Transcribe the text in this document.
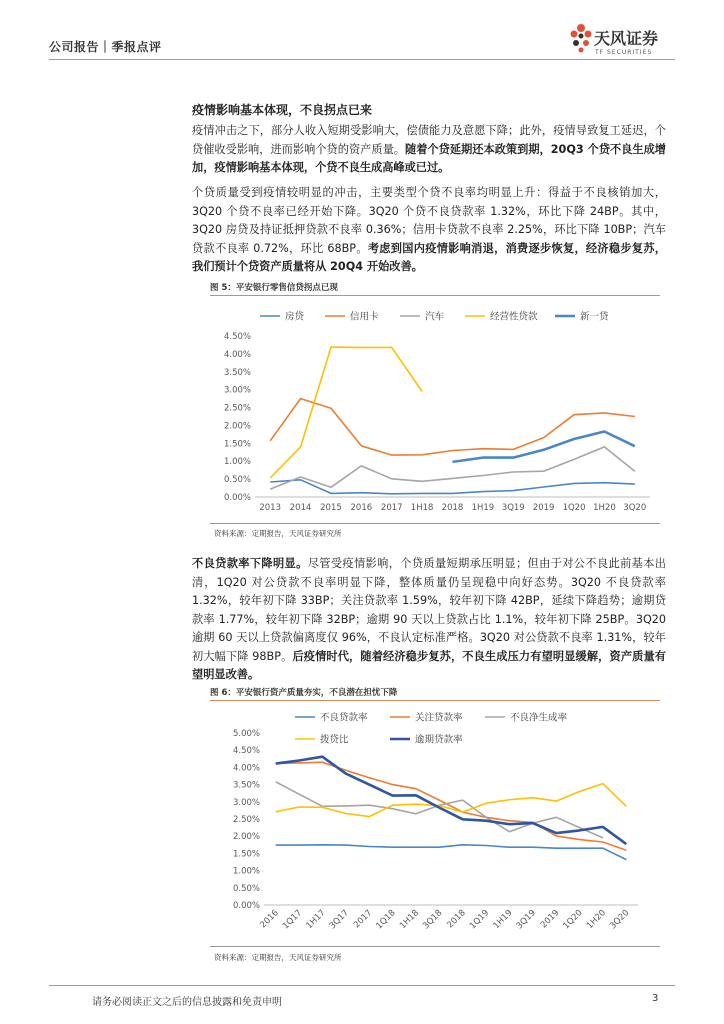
公司报告｜季报点评	天风证券
TF SECURITIES
疫情影响基本体现，不良拐点已来
疫情冲击之下，部分人收入短期受影响大，偿债能力及意愿下降；此外，疫情导致复工延迟，个贷催收受影响，进而影响个贷的资产质量。随着个贷延期还本政策到期，20Q3 个贷不良生成增加，疫情影响基本体现，个贷不良生成高峰或已过。
个贷质量受到疫情较明显的冲击，主要类型个贷不良率均明显上升：得益于不良核销加大，3Q20 个贷不良率已经开始下降。3Q20 个贷不良贷款率 1.32%，环比下降 24BP。其中，3Q20 房贷及持证抵押贷款不良率 0.36%；信用卡贷款不良率 2.25%，环比下降 10BP；汽车贷款不良率 0.72%，环比 68BP。考虑到国内疫情影响消退，消费逐步恢复，经济稳步复苏，我们预计个贷资产质量将从 20Q4 开始改善。
图 5：平安银行零售信贷拐点已现
0.00%
0.50%
1.00%
1.50%
2.00%
2.50%
3.00%
3.50%
4.00%
4.50%
2013 2014 2015 2016 2017 1H18 2018 1H19 3Q19 2019 1Q20 1H20 3Q20
房贷	信用卡	汽车	经营性贷款	新一贷
资料来源：定期报告，天风证券研究所
不良贷款率下降明显。尽管受疫情影响，个贷质量短期承压明显；但由于对公不良此前基本出清，1Q20 对公贷款不良率明显下降，整体质量仍呈现稳中向好态势。3Q20 不良贷款率 1.32%，较年初下降 33BP；关注贷款率 1.59%，较年初下降 42BP，延续下降趋势；逾期贷款率 1.77%，较年初下降 32BP；逾期 90 天以上贷款占比 1.1%，较年初下降 25BP。3Q20 逾期 60 天以上贷款偏离度仅 96%，不良认定标准严格。3Q20 对公贷款不良率 1.31%，较年初大幅下降 98BP。后疫情时代，随着经济稳步复苏，不良生成压力有望明显缓解，资产质量有望明显改善。
图 6：平安银行资产质量夯实，不良潜在担忧下降
0.00%
0.50%
1.00%
1.50%
2.00%
2.50%
3.00%
3.50%
4.00%
4.50%
5.00%
2016 1Q17 1H17 3Q17 2017 1Q18 1H18 3Q18 2018 1Q19 1H19 3Q19 2019 1Q20 1H20 3Q20
不良贷款率	关注贷款率	不良净生成率
拨贷比	逾期贷款率
资料来源：定期报告，天风证券研究所
请务必阅读正文之后的信息披露和免责申明	3
